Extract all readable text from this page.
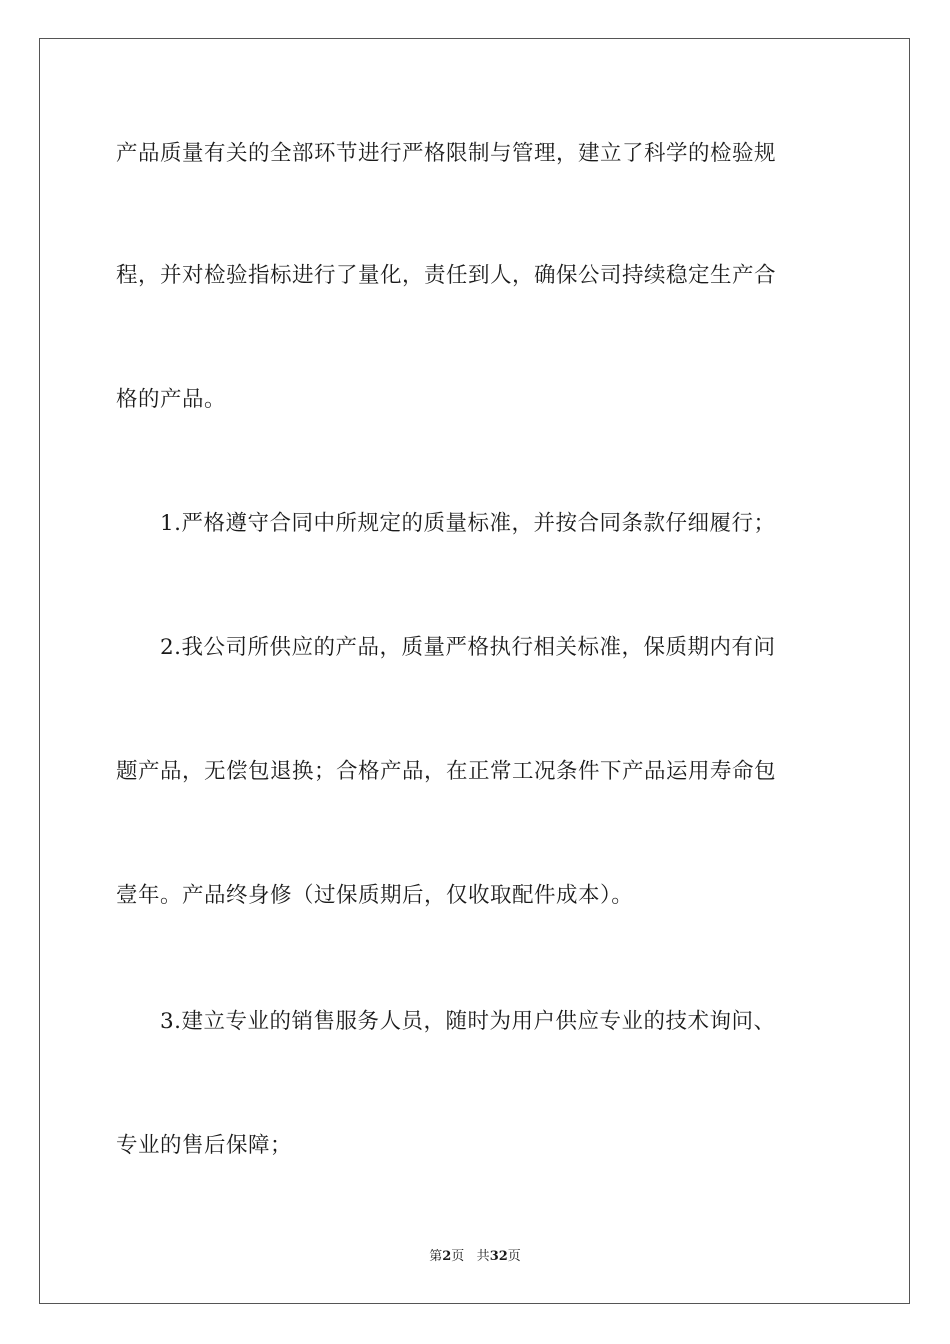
产品质量有关的全部环节进行严格限制与管理，建立了科学的检验规
程，并对检验指标进行了量化，责任到人，确保公司持续稳定生产合
格的产品。
1.严格遵守合同中所规定的质量标准，并按合同条款仔细履行；
2.我公司所供应的产品，质量严格执行相关标准，保质期内有问
题产品，无偿包退换；合格产品，在正常工况条件下产品运用寿命包
壹年。产品终身修（过保质期后，仅收取配件成本）。
3.建立专业的销售服务人员，随时为用户供应专业的技术询问、
专业的售后保障；
第2页 共32页
